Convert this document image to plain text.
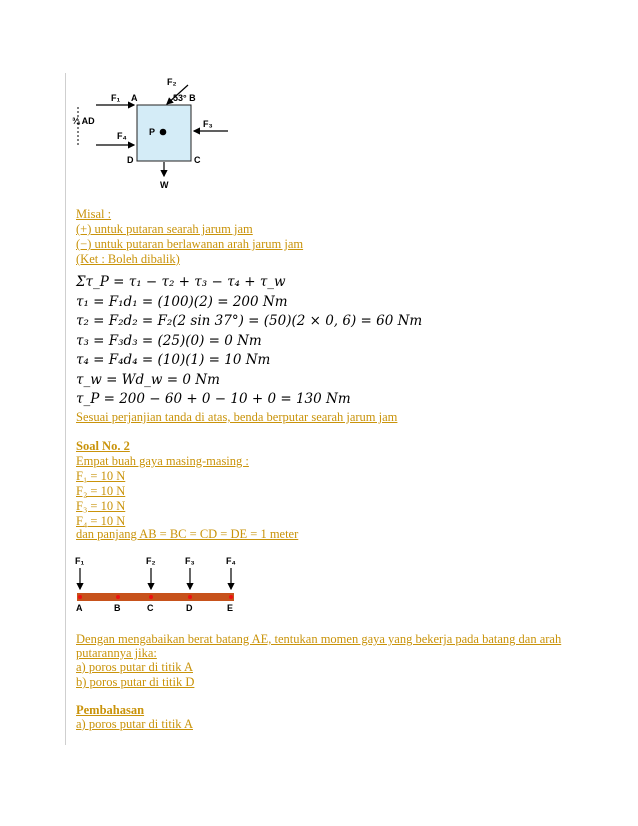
F₂
F₁ A	53° B
¾ AD	F₃
F₄ P
D	C
W
Misal :
(+) untuk putaran searah jarum jam
(−) untuk putaran berlawanan arah jarum jam
(Ket : Boleh dibalik)
Στ_P = τ₁ − τ₂ + τ₃ − τ₄ + τ_w
τ₁ = F₁d₁ = (100)(2) = 200 Nm
τ₂ = F₂d₂ = F₂(2 sin 37°) = (50)(2 × 0, 6) = 60 Nm
τ₃ = F₃d₃ = (25)(0) = 0 Nm
τ₄ = F₄d₄ = (10)(1) = 10 Nm
τ_w = Wd_w = 0 Nm
τ_P = 200 − 60 + 0 − 10 + 0 = 130 Nm
Sesuai perjanjian tanda di atas, benda berputar searah jarum jam
Soal No. 2
Empat buah gaya masing-masing :
F₁ = 10 N
F₂ = 10 N
F₃ = 10 N
F₄ = 10 N
dan panjang AB = BC = CD = DE = 1 meter
F₁	F₂	F₃	F₄
A	B	C	D	E
Dengan mengabaikan berat batang AE, tentukan momen gaya yang bekerja pada batang dan arah
putarannya jika:
a) poros putar di titik A
b) poros putar di titik D
Pembahasan
a) poros putar di titik A
